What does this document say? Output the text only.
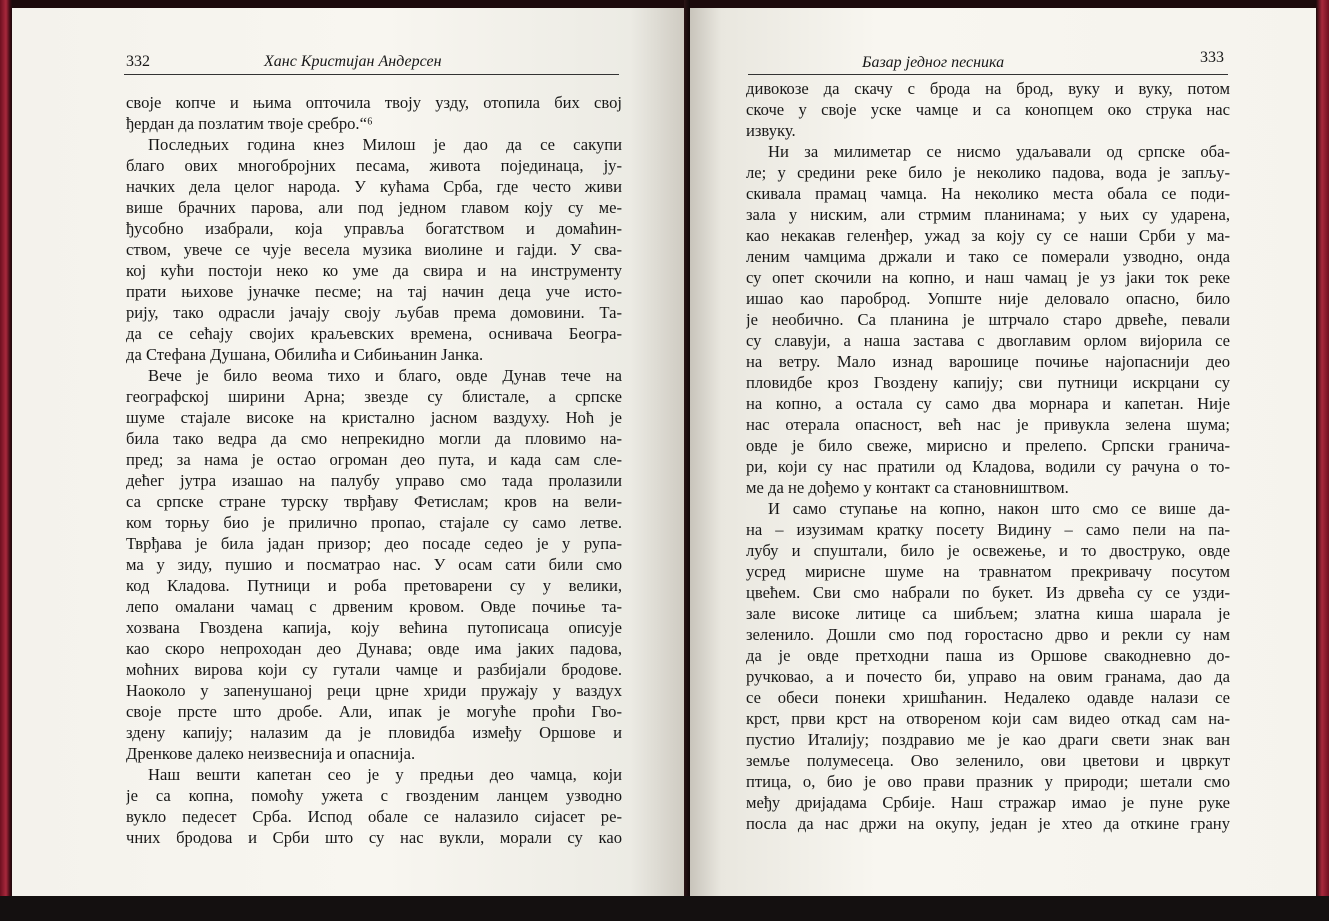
332	Ханс Кристијан Андерсен
своје копче и њима опточила твоју узду, отопила бих свој
ђердан да позлатим твоје сребро.“⁶
Последњих година кнез Милош је дао да се сакупи
благо ових многобројних песама, живота појединаца, ју-
начких дела целог народа. У кућама Срба, где често живи
више брачних парова, али под једном главом коју су ме-
ђусобно изабрали, која управља богатством и домаћин-
ством, увече се чује весела музика виолине и гајди. У сва-
кој кући постоји неко ко уме да свира и на инструменту
прати њихове јуначке песме; на тај начин деца уче исто-
рију, тако одрасли јачају своју љубав према домовини. Та-
да се сећају својих краљевских времена, оснивача Београ-
да Стефана Душана, Обилића и Сибињанин Јанка.
Вече је било веома тихо и благо, овде Дунав тече на
географској ширини Арна; звезде су блистале, а српске
шуме стајале високе на кристално јасном ваздуху. Ноћ је
била тако ведра да смо непрекидно могли да пловимо на-
пред; за нама је остао огроман део пута, и када сам сле-
дећег јутра изашао на палубу управо смо тада пролазили
са српске стране турску тврђаву Фетислам; кров на вели-
ком торњу био је прилично пропао, стајале су само летве.
Тврђава је била јадан призор; део посаде седео је у рупа-
ма у зиду, пушио и посматрао нас. У осам сати били смо
код Кладова. Путници и роба претоварени су у велики,
лепо омалани чамац с дрвеним кровом. Овде почиње та-
хозвана Гвоздена капија, коју већина путописаца описује
као скоро непроходан део Дунава; овде има јаких падова,
моћних вирова који су гутали чамце и разбијали бродове.
Наоколо у запенушаној реци црне хриди пружају у ваздух
своје прсте што дробе. Али, ипак је могуће проћи Гво-
здену капију; налазим да је пловидба између Оршове и
Дренкове далеко неизвеснија и опаснија.
Наш вешти капетан сео је у предњи део чамца, који
је са копна, помоћу ужета с гвозденим ланцем узводно
вукло педесет Срба. Испод обале се налазило сијасет ре-
чних бродова и Срби што су нас вукли, морали су као
Базар једног песника	333
дивокозе да скачу с брода на брод, вуку и вуку, потом
скоче у своје уске чамце и са конопцем око струка нас
извуку.
Ни за милиметар се нисмо удаљавали од српске оба-
ле; у средини реке било је неколико падова, вода је запљу-
скивала прамац чамца. На неколико места обала се поди-
зала у ниским, али стрмим планинама; у њих су ударена,
као некакав геленђер, ужад за коју су се наши Срби у ма-
леним чамцима држали и тако се померали узводно, онда
су опет скочили на копно, и наш чамац је уз јаки ток реке
ишао као пароброд. Уопште није деловало опасно, било
је необично. Са планина је штрчало старо дрвеће, певали
су славуји, а наша застава с двоглавим орлом вијорила се
на ветру. Мало изнад варошице почиње најопаснији део
пловидбе кроз Гвоздену капију; сви путници искрцани су
на копно, а остала су само два морнара и капетан. Није
нас отерала опасност, већ нас је привукла зелена шума;
овде је било свеже, мирисно и прелепо. Српски гранича-
ри, који су нас пратили од Кладова, водили су рачуна о то-
ме да не дођемо у контакт са становништвом.
И само ступање на копно, након што смо се више да-
на – изузимам кратку посету Видину – само пели на па-
лубу и спуштали, било је освежење, и то двоструко, овде
усред мирисне шуме на травнатом прекривачу посутом
цвећем. Сви смо набрали по букет. Из дрвећа су се узди-
зале високе литице са шибљем; златна киша шарала је
зеленило. Дошли смо под горостасно дрво и рекли су нам
да је овде претходни паша из Оршове свакодневно до-
ручковао, а и почесто би, управо на овим гранама, дао да
се обеси понеки хришћанин. Недалеко одавде налази се
крст, први крст на отвореном који сам видео откад сам на-
пустио Италију; поздравио ме је као драги свети знак ван
земље полумесеца. Ово зеленило, ови цветови и цвркут
птица, о, био је ово прави празник у природи; шетали смо
међу дријадама Србије. Наш стражар имао је пуне руке
посла да нас држи на окупу, један је хтео да откине грану
